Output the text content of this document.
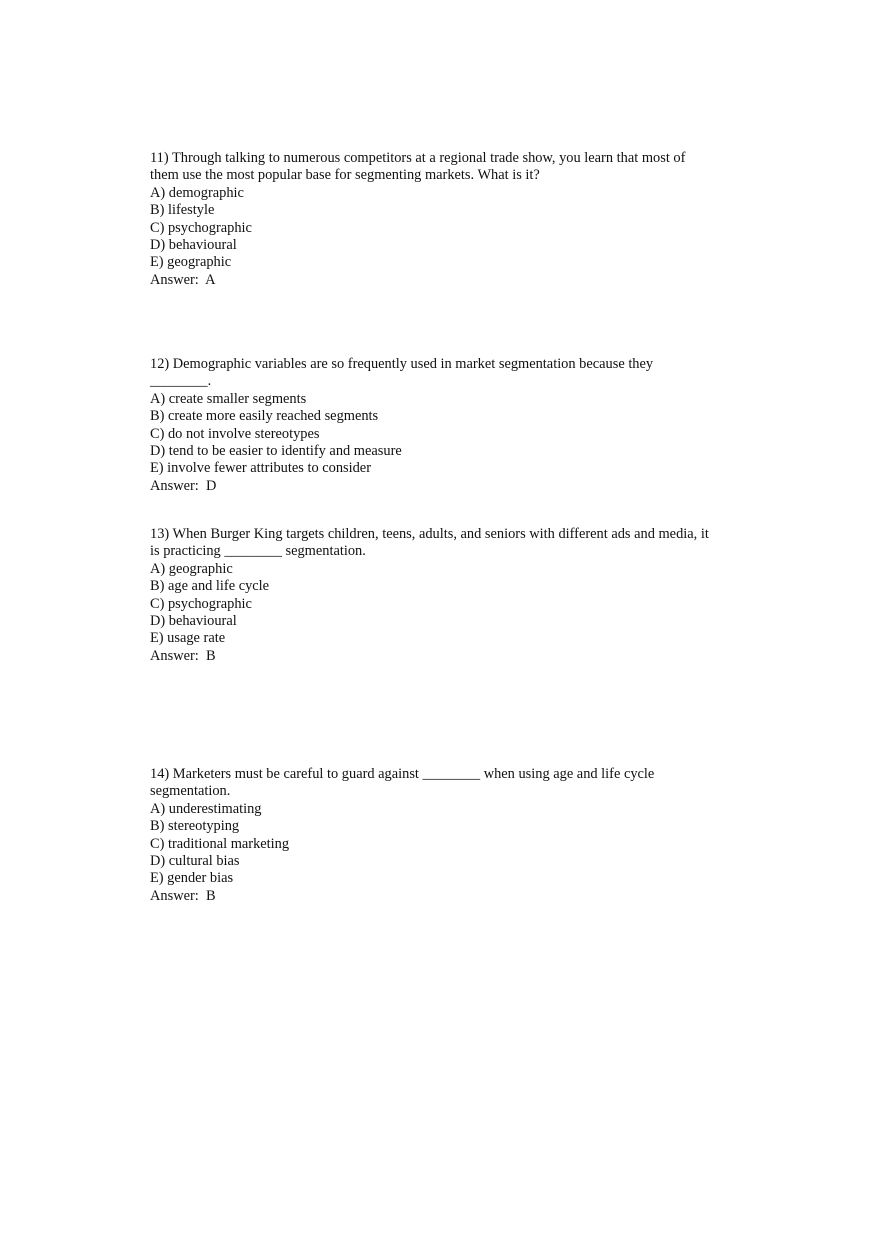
11) Through talking to numerous competitors at a regional trade show, you learn that most of
them use the most popular base for segmenting markets. What is it?
A) demographic
B) lifestyle
C) psychographic
D) behavioural
E) geographic
Answer:  A
12) Demographic variables are so frequently used in market segmentation because they
________.
A) create smaller segments
B) create more easily reached segments
C) do not involve stereotypes
D) tend to be easier to identify and measure
E) involve fewer attributes to consider
Answer:  D
13) When Burger King targets children, teens, adults, and seniors with different ads and media, it
is practicing ________ segmentation.
A) geographic
B) age and life cycle
C) psychographic
D) behavioural
E) usage rate
Answer:  B
14) Marketers must be careful to guard against ________ when using age and life cycle
segmentation.
A) underestimating
B) stereotyping
C) traditional marketing
D) cultural bias
E) gender bias
Answer:  B
